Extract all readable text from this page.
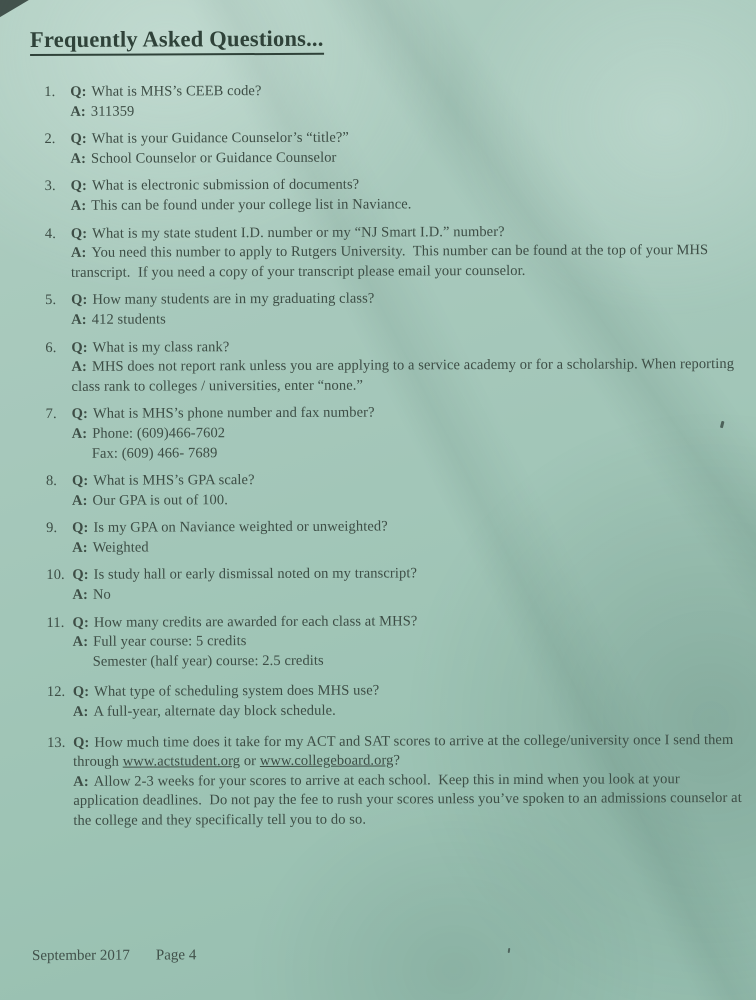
Frequently Asked Questions...
1.	Q: What is MHS’s CEEB code?

A: 311359

2.	Q: What is your Guidance Counselor’s “title?”

A: School Counselor or Guidance Counselor

3.	Q: What is electronic submission of documents?

A: This can be found under your college list in Naviance.

4.	Q: What is my state student I.D. number or my “NJ Smart I.D.” number?

A: You need this number to apply to Rutgers University.  This number can be found at the top of your MHS transcript.  If you need a copy of your transcript please email your counselor.

5.	Q: How many students are in my graduating class?

A: 412 students

6.	Q: What is my class rank?

A: MHS does not report rank unless you are applying to a service academy or for a scholarship. When reporting class rank to colleges / universities, enter “none.”

7.	Q: What is MHS’s phone number and fax number?

A: Phone: (609)466-7602

Fax: (609) 466- 7689

8.	Q: What is MHS’s GPA scale?

A: Our GPA is out of 100.

9.	Q: Is my GPA on Naviance weighted or unweighted?

A: Weighted

10. Q: Is study hall or early dismissal noted on my transcript?

A: No

11. Q: How many credits are awarded for each class at MHS?

A: Full year course: 5 credits

Semester (half year) course: 2.5 credits

12. Q: What type of scheduling system does MHS use?

A: A full-year, alternate day block schedule.

13. Q: How much time does it take for my ACT and SAT scores to arrive at the college/university once I send them through www.actstudent.org or www.collegeboard.org?

A: Allow 2-3 weeks for your scores to arrive at each school.  Keep this in mind when you look at your application deadlines.  Do not pay the fee to rush your scores unless you’ve spoken to an admissions counselor at the college and they specifically tell you to do so.

September 2017 Page 4
